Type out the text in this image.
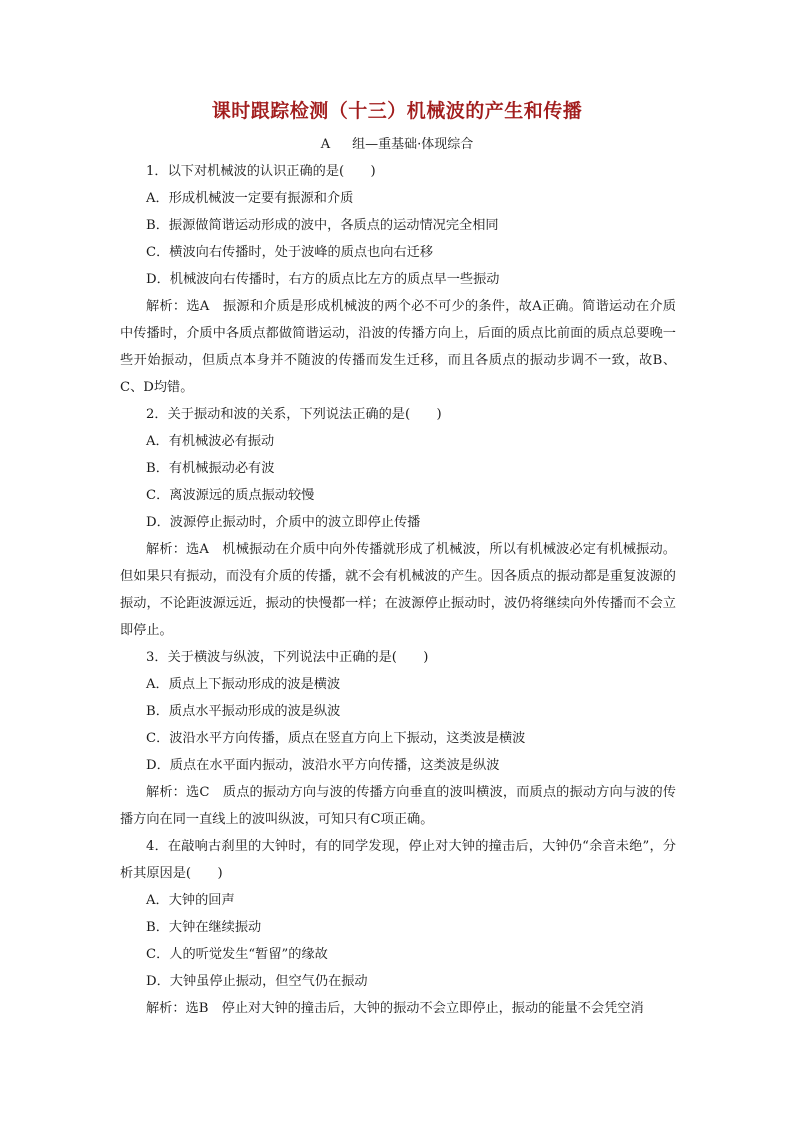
课时跟踪检测（十三）机械波的产生和传播
A 组—重基础·体现综合
1．以下对机械波的认识正确的是(　　)
A．形成机械波一定要有振源和介质
B．振源做简谐运动形成的波中，各质点的运动情况完全相同
C．横波向右传播时，处于波峰的质点也向右迁移
D．机械波向右传播时，右方的质点比左方的质点早一些振动
解析：选A　振源和介质是形成机械波的两个必不可少的条件，故A正确。简谐运动在介质中传播时，介质中各质点都做简谐运动，沿波的传播方向上，后面的质点比前面的质点总要晚一些开始振动，但质点本身并不随波的传播而发生迁移，而且各质点的振动步调不一致，故B、C、D均错。
2．关于振动和波的关系，下列说法正确的是(　　)
A．有机械波必有振动
B．有机械振动必有波
C．离波源远的质点振动较慢
D．波源停止振动时，介质中的波立即停止传播
解析：选A　机械振动在介质中向外传播就形成了机械波，所以有机械波必定有机械振动。但如果只有振动，而没有介质的传播，就不会有机械波的产生。因各质点的振动都是重复波源的振动，不论距波源远近，振动的快慢都一样；在波源停止振动时，波仍将继续向外传播而不会立即停止。
3．关于横波与纵波，下列说法中正确的是(　　)
A．质点上下振动形成的波是横波
B．质点水平振动形成的波是纵波
C．波沿水平方向传播，质点在竖直方向上下振动，这类波是横波
D．质点在水平面内振动，波沿水平方向传播，这类波是纵波
解析：选C　质点的振动方向与波的传播方向垂直的波叫横波，而质点的振动方向与波的传播方向在同一直线上的波叫纵波，可知只有C项正确。
4．在敲响古刹里的大钟时，有的同学发现，停止对大钟的撞击后，大钟仍“余音未绝”，分析其原因是(　　)
A．大钟的回声
B．大钟在继续振动
C．人的听觉发生“暂留”的缘故
D．大钟虽停止振动，但空气仍在振动
解析：选B　停止对大钟的撞击后，大钟的振动不会立即停止，振动的能量不会凭空消
